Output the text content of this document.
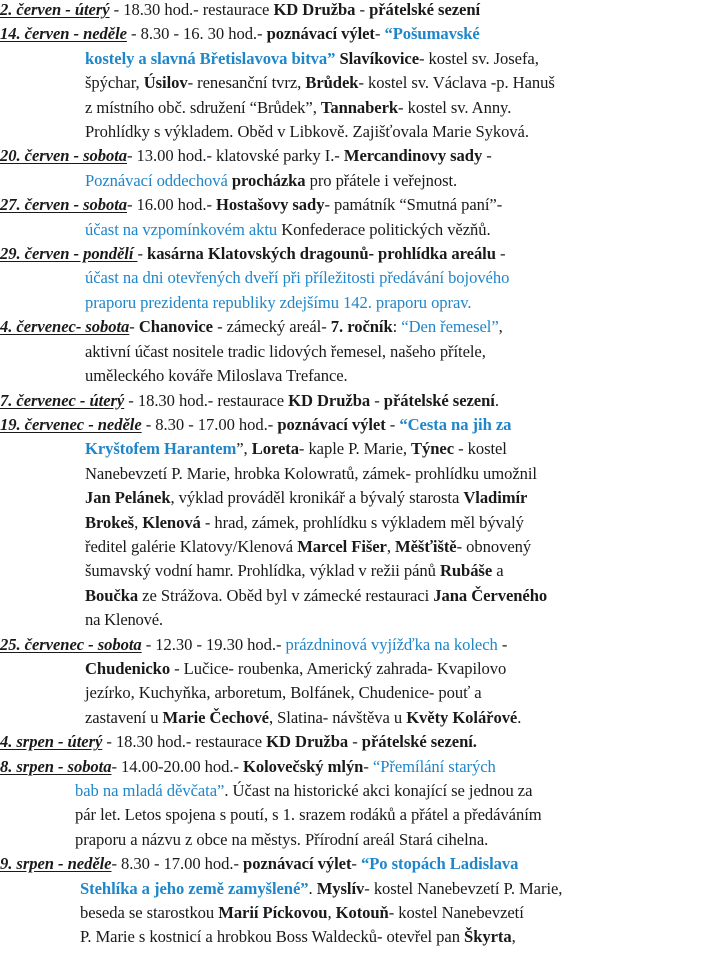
2. červen - úterý - 18.30 hod.- restaurace KD Družba - přátelské sezení
14. červen - neděle - 8.30 - 16. 30 hod.- poznávací výlet- “Pošumavské
kostely a slavná Břetislavova bitva” Slavíkovice- kostel sv. Josefa,
špýchar, Úsilov- renesanční tvrz, Brůdek- kostel sv. Václava -p. Hanuš
z místního obč. sdružení “Brůdek”, Tannaberk- kostel sv. Anny.
Prohlídky s výkladem. Oběd v Libkově. Zajišťovala Marie Syková.
20. červen - sobota- 13.00 hod.- klatovské parky I.- Mercandinovy sady -
Poznávací oddechová procházka pro přátele i veřejnost.
27. červen - sobota- 16.00 hod.- Hostašovy sady- památník “Smutná paní”-
účast na vzpomínkovém aktu Konfederace politických vězňů.
29. červen - pondělí - kasárna Klatovských dragounů- prohlídka areálu -
účast na dni otevřených dveří při příležitosti předávání bojového
praporu prezidenta republiky zdejšímu 142. praporu oprav.
4. červenec- sobota- Chanovice - zámecký areál- 7. ročník: “Den řemesel”,
aktivní účast nositele tradic lidových řemesel, našeho přítele,
uměleckého kováře Miloslava Trefance.
7. červenec - úterý - 18.30 hod.- restaurace KD Družba - přátelské sezení.
19. červenec - neděle - 8.30 - 17.00 hod.- poznávací výlet - “Cesta na jih za
Kryštofem Harantem”, Loreta- kaple P. Marie, Týnec - kostel
Nanebevzetí P. Marie, hrobka Kolowratů, zámek- prohlídku umožnil
Jan Pelánek, výklad prováděl kronikář a bývalý starosta Vladimír
Brokeš, Klenová - hrad, zámek, prohlídku s výkladem měl bývalý
ředitel galérie Klatovy/Klenová Marcel Fišer, Měšťiště- obnovený
šumavský vodní hamr. Prohlídka, výklad v režii pánů Rubáše a
Boučka ze Strážova. Oběd byl v zámecké restauraci Jana Červeného
na Klenové.
25. červenec - sobota - 12.30 - 19.30 hod.- prázdninová vyjížďka na kolech -
Chudenicko - Lučice- roubenka, Americký zahrada- Kvapilovo
jezírko, Kuchyňka, arboretum, Bolfánek, Chudenice- pouť a
zastavení u Marie Čechové, Slatina- návštěva u Květy Kolářové.
4. srpen - úterý - 18.30 hod.- restaurace KD Družba - přátelské sezení.
8. srpen - sobota- 14.00-20.00 hod.- Kolovečský mlýn- “Přemílání starých
bab na mladá děvčata”. Účast na historické akci konající se jednou za
pár let. Letos spojena s poutí, s 1. srazem rodáků a přátel a předáváním
praporu a názvu z obce na městys. Přírodní areál Stará cihelna.
9. srpen - neděle- 8.30 - 17.00 hod.- poznávací výlet- “Po stopách Ladislava
Stehlíka a jeho země zamyšlené”. Myslív- kostel Nanebevzetí P. Marie,
beseda se starostkou Marií Píckovou, Kotouň- kostel Nanebevzetí
P. Marie s kostnicí a hrobkou Boss Waldecků- otevřel pan Škyrta,
